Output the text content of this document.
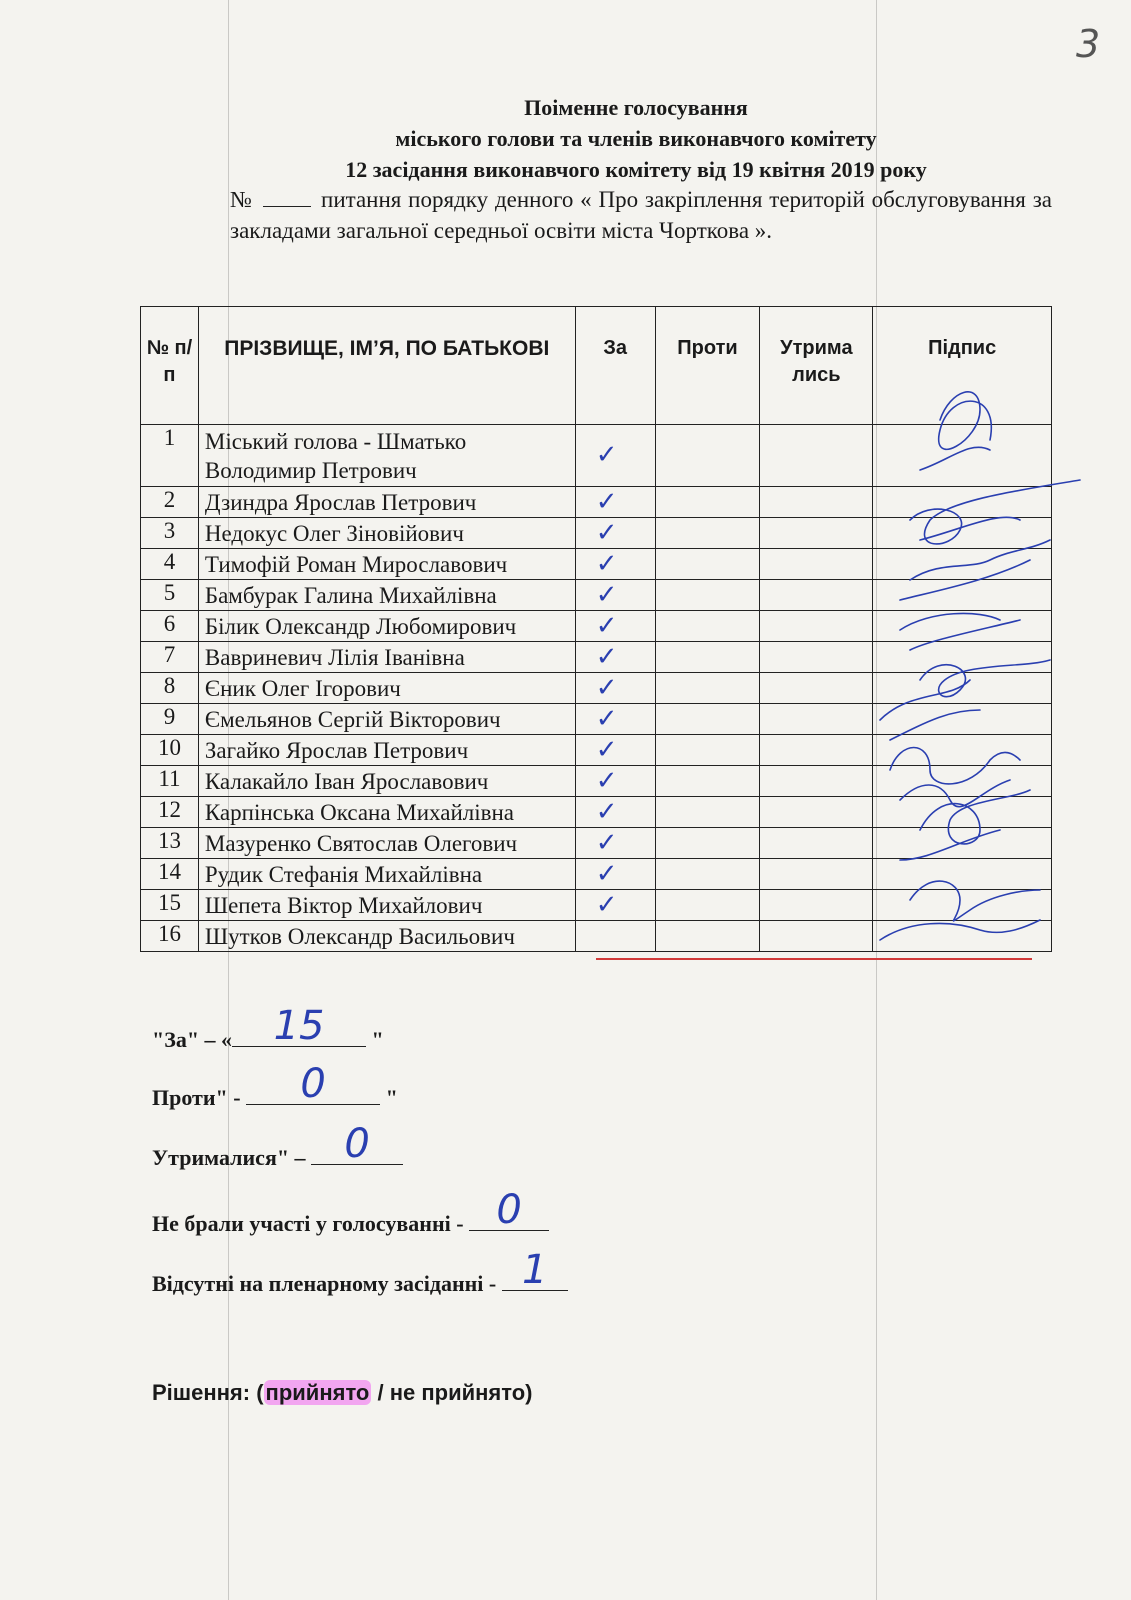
3
Поіменне голосування
міського голови та членів виконавчого комітету
12 засідання виконавчого комітету від 19 квітня 2019 року
№	питання порядку денного « Про закріплення територій обслуговування за закладами загальної середньої освіти міста Чорткова ».
№ п/ п	ПРІЗВИЩЕ, ІМ’Я, ПО БАТЬКОВІ	За	Проти	Утрима лись	Підпис
1	Міський голова - Шматько Володимир Петрович	✓			
2	Дзиндра Ярослав Петрович	✓			
3	Недокус Олег Зіновійович	✓			
4	Тимофій Роман Мирославович	✓			
5	Бамбурак Галина Михайлівна	✓			
6	Білик Олександр Любомирович	✓			
7	Вавриневич Лілія Іванівна	✓			
8	Єник Олег Ігорович	✓			
9	Ємельянов Сергій Вікторович	✓			
10	Загайко Ярослав Петрович	✓			
11	Калакайло Іван Ярославович	✓			
12	Карпінська Оксана Михайлівна	✓			
13	Мазуренко Святослав Олегович	✓			
14	Рудик Стефанія Михайлівна	✓			
15	Шепета Віктор Михайлович	✓			
16	Шутков Олександр Васильович				
"За" – «	15	"
Проти" -	0	"
Утрималися" – 0
Не брали участі у голосуванні - 0
Відсутні на пленарному засіданні - 1
Рішення: (прийнято / не прийнято)
